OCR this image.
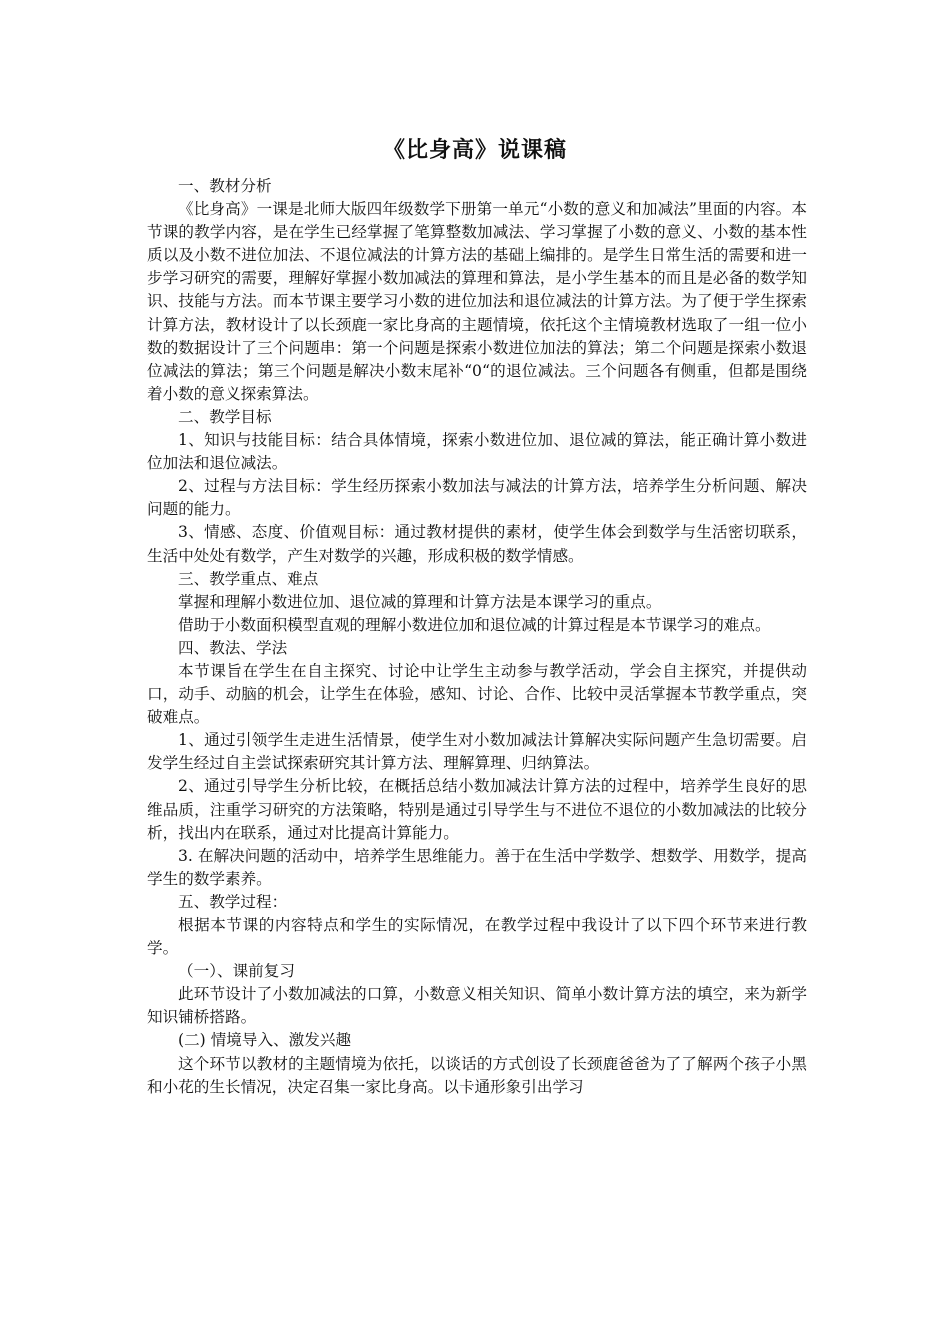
《比身高》说课稿

一、教材分析

《比身高》一课是北师大版四年级数学下册第一单元“小数的意义和加减法”里面的内容。本节课的教学内容，是在学生已经掌握了笔算整数加减法、学习掌握了小数的意义、小数的基本性质以及小数不进位加法、不退位减法的计算方法的基础上编排的。是学生日常生活的需要和进一步学习研究的需要，理解好掌握小数加减法的算理和算法，是小学生基本的而且是必备的数学知识、技能与方法。而本节课主要学习小数的进位加法和退位减法的计算方法。为了便于学生探索计算方法，教材设计了以长颈鹿一家比身高的主题情境，依托这个主情境教材选取了一组一位小数的数据设计了三个问题串：第一个问题是探索小数进位加法的算法；第二个问题是探索小数退位减法的算法；第三个问题是解决小数末尾补“0“的退位减法。三个问题各有侧重，但都是围绕着小数的意义探索算法。

二、教学目标

1、知识与技能目标：结合具体情境，探索小数进位加、退位减的算法，能正确计算小数进位加法和退位减法。

2、过程与方法目标：学生经历探索小数加法与减法的计算方法，培养学生分析问题、解决问题的能力。

3、情感、态度、价值观目标：通过教材提供的素材，使学生体会到数学与生活密切联系，生活中处处有数学，产生对数学的兴趣，形成积极的数学情感。

三、教学重点、难点

掌握和理解小数进位加、退位减的算理和计算方法是本课学习的重点。

借助于小数面积模型直观的理解小数进位加和退位减的计算过程是本节课学习的难点。

四、教法、学法

本节课旨在学生在自主探究、讨论中让学生主动参与教学活动，学会自主探究，并提供动口，动手、动脑的机会，让学生在体验，感知、讨论、合作、比较中灵活掌握本节教学重点，突破难点。

1、通过引领学生走进生活情景，使学生对小数加减法计算解决实际问题产生急切需要。启发学生经过自主尝试探索研究其计算方法、理解算理、归纳算法。

2、通过引导学生分析比较，在概括总结小数加减法计算方法的过程中，培养学生良好的思维品质，注重学习研究的方法策略，特别是通过引导学生与不进位不退位的小数加减法的比较分析，找出内在联系，通过对比提高计算能力。

3. 在解决问题的活动中，培养学生思维能力。善于在生活中学数学、想数学、用数学，提高学生的数学素养。

五、教学过程：

根据本节课的内容特点和学生的实际情况，在教学过程中我设计了以下四个环节来进行教学。

（一）、课前复习

此环节设计了小数加减法的口算，小数意义相关知识、简单小数计算方法的填空，来为新学知识铺桥搭路。

(二) 情境导入、激发兴趣

这个环节以教材的主题情境为依托，以谈话的方式创设了长颈鹿爸爸为了了解两个孩子小黑和小花的生长情况，决定召集一家比身高。以卡通形象引出学习
